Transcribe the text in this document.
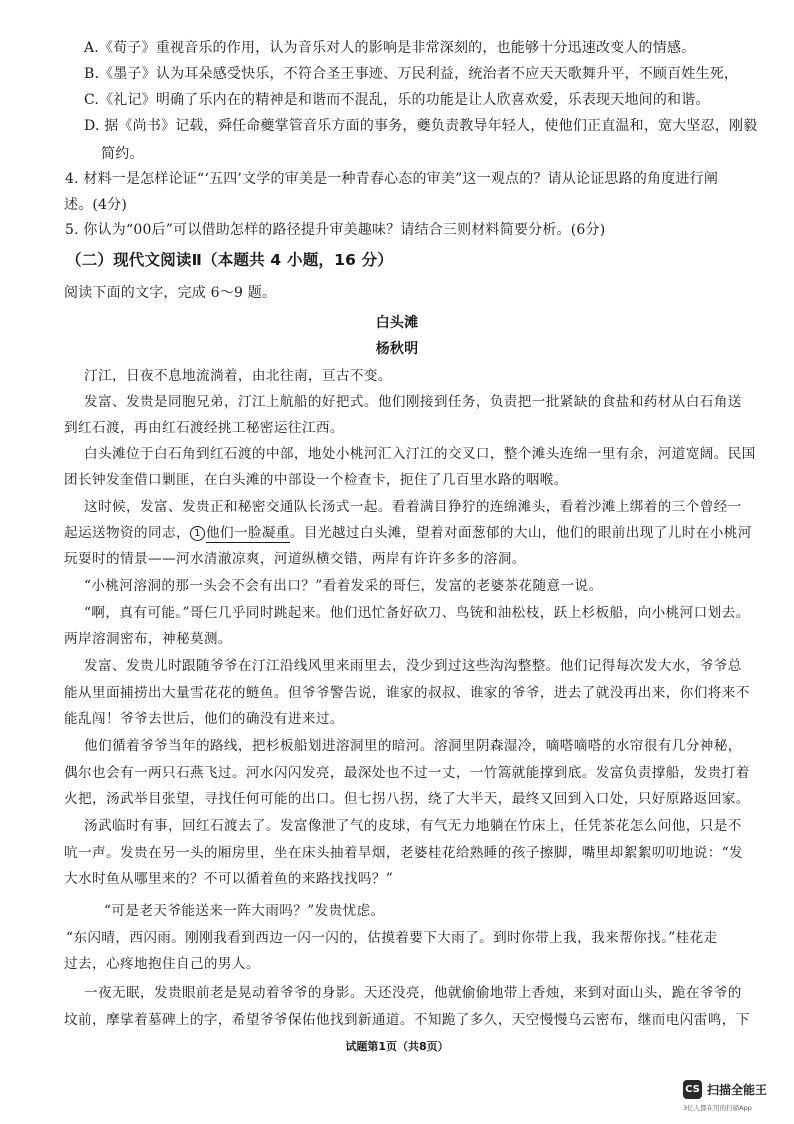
A.《荀子》重视音乐的作用，认为音乐对人的影响是非常深刻的，也能够十分迅速改变人的情感。
B.《墨子》认为耳朵感受快乐，不符合圣王事迹、万民利益，统治者不应天天歌舞升平，不顾百姓生死，
C.《礼记》明确了乐内在的精神是和谐而不混乱，乐的功能是让人欣喜欢爱，乐表现天地间的和谐。
D. 据《尚书》记载，舜任命夔掌管音乐方面的事务，夔负责教导年轻人，使他们正直温和，宽大坚忍，刚毅
简约。
4. 材料一是怎样论证“‘五四’文学的审美是一种青春心态的审美”这一观点的？请从论证思路的角度进行阐
述。(4分)
5. 你认为“00后”可以借助怎样的路径提升审美趣味？请结合三则材料简要分析。(6分)
（二）现代文阅读Ⅱ（本题共 4 小题，16 分）
阅读下面的文字，完成 6～9 题。
白头滩
杨秋明
汀江，日夜不息地流淌着，由北往南，亘古不变。
发富、发贵是同胞兄弟，汀江上航船的好把式。他们刚接到任务，负责把一批紧缺的食盐和药材从白石角送
到红石渡，再由红石渡经挑工秘密运往江西。
白头滩位于白石角到红石渡的中部，地处小桃河汇入汀江的交叉口，整个滩头连绵一里有余，河道宽阔。民国
团长钟发奎借口剿匪，在白头滩的中部设一个检查卡，扼住了几百里水路的咽喉。
这时候，发富、发贵正和秘密交通队长汤式一起。看着满目狰狞的连绵滩头，看着沙滩上绑着的三个曾经一
起运送物资的同志， 1 他们一脸凝重。目光越过白头滩，望着对面葱郁的大山，他们的眼前出现了儿时在小桃河
玩耍时的情景——河水清澈凉爽，河道纵横交错，两岸有许许多多的溶洞。
“小桃河溶洞的那一头会不会有出口？”看着发采的哥仨，发富的老婆茶花随意一说。
“啊，真有可能。”哥仨几乎同时跳起来。他们迅忙备好砍刀、鸟铳和油松枝，跃上杉板船，向小桃河口划去。
两岸溶洞密布，神秘莫测。
发富、发贵儿时跟随爷爷在汀江沿线风里来雨里去，没少到过这些沟沟整整。他们记得每次发大水，爷爷总
能从里面捕捞出大量雪花花的鲢鱼。但爷爷警告说，谁家的叔叔、谁家的爷爷，进去了就没再出来，你们将来不
能乱闯！爷爷去世后，他们的确没有进来过。
他们循着爷爷当年的路线，把杉板船划进溶洞里的暗河。溶洞里阴森湿冷，嘀嗒嘀嗒的水帘很有几分神秘，
偶尔也会有一两只石燕飞过。河水闪闪发亮，最深处也不过一丈，一竹篙就能撑到底。发富负责撑船，发贵打着
火把，汤武举目张望，寻找任何可能的出口。但七拐八拐，绕了大半天，最终又回到入口处，只好原路返回家。
汤武临时有事，回红石渡去了。发富像泄了气的皮球，有气无力地躺在竹床上，任凭茶花怎么问他，只是不
吭一声。发贵在另一头的厢房里，坐在床头抽着旱烟，老婆桂花给熟睡的孩子擦脚，嘴里却絮絮叨叨地说：“发
大水时鱼从哪里来的？不可以循着鱼的来路找找吗？”
“可是老天爷能送来一阵大雨吗？”发贵忧虑。
“东闪晴，西闪雨。刚刚我看到西边一闪一闪的，估摸着要下大雨了。到时你带上我，我来帮你找。”桂花走
过去，心疼地抱住自己的男人。
一夜无眠，发贵眼前老是晃动着爷爷的身影。天还没亮，他就偷偷地带上香烛，来到对面山头，跪在爷爷的
坟前，摩挲着墓碑上的字，希望爷爷保佑他找到新通道。不知跪了多久，天空慢慢乌云密布，继而电闪雷鸣，下
试题第1页（共8页）
CS 扫描全能王
3亿人都在用的扫描App
